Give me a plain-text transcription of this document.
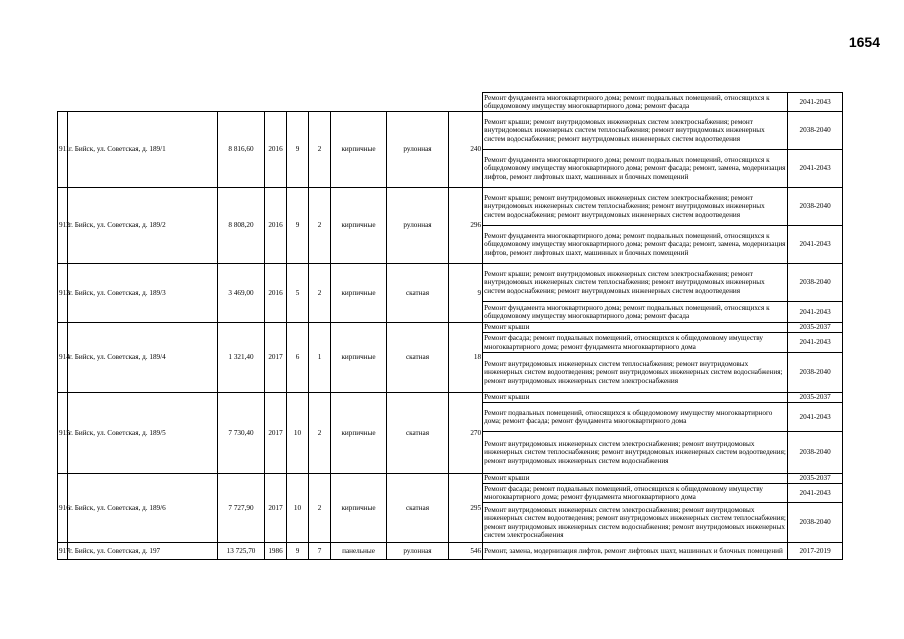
1654
									Ремонт фундамента многоквартирного дома; ремонт подвальных помещений, относящихся к общедомовому имуществу многоквартирного дома; ремонт фасада	2041-2043
911	г. Бийск, ул. Советская, д. 189/1	8 816,60	2016	9	2	кирпичные	рулонная	240	Ремонт крыши; ремонт внутридомовых инженерных систем электроснабжения; ремонт внутридомовых инженерных систем теплоснабжения; ремонт внутридомовых инженерных систем водоснабжения; ремонт внутридомовых инженерных систем водоотведения	2038-2040
									Ремонт фундамента многоквартирного дома; ремонт подвальных помещений, относящихся к общедомовому имуществу многоквартирного дома; ремонт фасада; ремонт, замена, модернизация лифтов, ремонт лифтовых шахт, машинных и блочных помещений	2041-2043
912	г. Бийск, ул. Советская, д. 189/2	8 808,20	2016	9	2	кирпичные	рулонная	296	Ремонт крыши; ремонт внутридомовых инженерных систем электроснабжения; ремонт внутридомовых инженерных систем теплоснабжения; ремонт внутридомовых инженерных систем водоснабжения; ремонт внутридомовых инженерных систем водоотведения	2038-2040
									Ремонт фундамента многоквартирного дома; ремонт подвальных помещений, относящихся к общедомовому имуществу многоквартирного дома; ремонт фасада; ремонт, замена, модернизация лифтов, ремонт лифтовых шахт, машинных и блочных помещений	2041-2043
913	г. Бийск, ул. Советская, д. 189/3	3 469,00	2016	5	2	кирпичные	скатная	9	Ремонт крыши; ремонт внутридомовых инженерных систем электроснабжения; ремонт внутридомовых инженерных систем теплоснабжения; ремонт внутридомовых инженерных систем водоснабжения; ремонт внутридомовых инженерных систем водоотведения	2038-2040
									Ремонт фундамента многоквартирного дома; ремонт подвальных помещений, относящихся к общедомовому имуществу многоквартирного дома; ремонт фасада	2041-2043
914	г. Бийск, ул. Советская, д. 189/4	1 321,40	2017	6	1	кирпичные	скатная	18	Ремонт крыши	2035-2037
									Ремонт фасада; ремонт подвальных помещений, относящихся к общедомовому имуществу многоквартирного дома; ремонт фундамента многоквартирного дома	2041-2043
									Ремонт внутридомовых инженерных систем теплоснабжения; ремонт внутридомовых инженерных систем водоотведения; ремонт внутридомовых инженерных систем водоснабжения; ремонт внутридомовых инженерных систем электроснабжения	2038-2040
915	г. Бийск, ул. Советская, д. 189/5	7 730,40	2017	10	2	кирпичные	скатная	270	Ремонт крыши	2035-2037
									Ремонт подвальных помещений, относящихся к общедомовому имуществу многоквартирного дома; ремонт фасада; ремонт фундамента многоквартирного дома	2041-2043
									Ремонт внутридомовых инженерных систем электроснабжения; ремонт внутридомовых инженерных систем теплоснабжения; ремонт внутридомовых инженерных систем водоотведения; ремонт внутридомовых инженерных систем водоснабжения	2038-2040
916	г. Бийск, ул. Советская, д. 189/6	7 727,90	2017	10	2	кирпичные	скатная	295	Ремонт крыши	2035-2037
									Ремонт фасада; ремонт подвальных помещений, относящихся к общедомовому имуществу многоквартирного дома; ремонт фундамента многоквартирного дома	2041-2043
									Ремонт внутридомовых инженерных систем электроснабжения; ремонт внутридомовых инженерных систем водоотведения; ремонт внутридомовых инженерных систем теплоснабжения; ремонт внутридомовых инженерных систем водоснабжения; ремонт внутридомовых инженерных систем электроснабжения	2038-2040
917	г. Бийск, ул. Советская, д. 197	13 725,70	1986	9	7	панельные	рулонная	546	Ремонт, замена, модернизация лифтов, ремонт лифтовых шахт, машинных и блочных помещений	2017-2019
